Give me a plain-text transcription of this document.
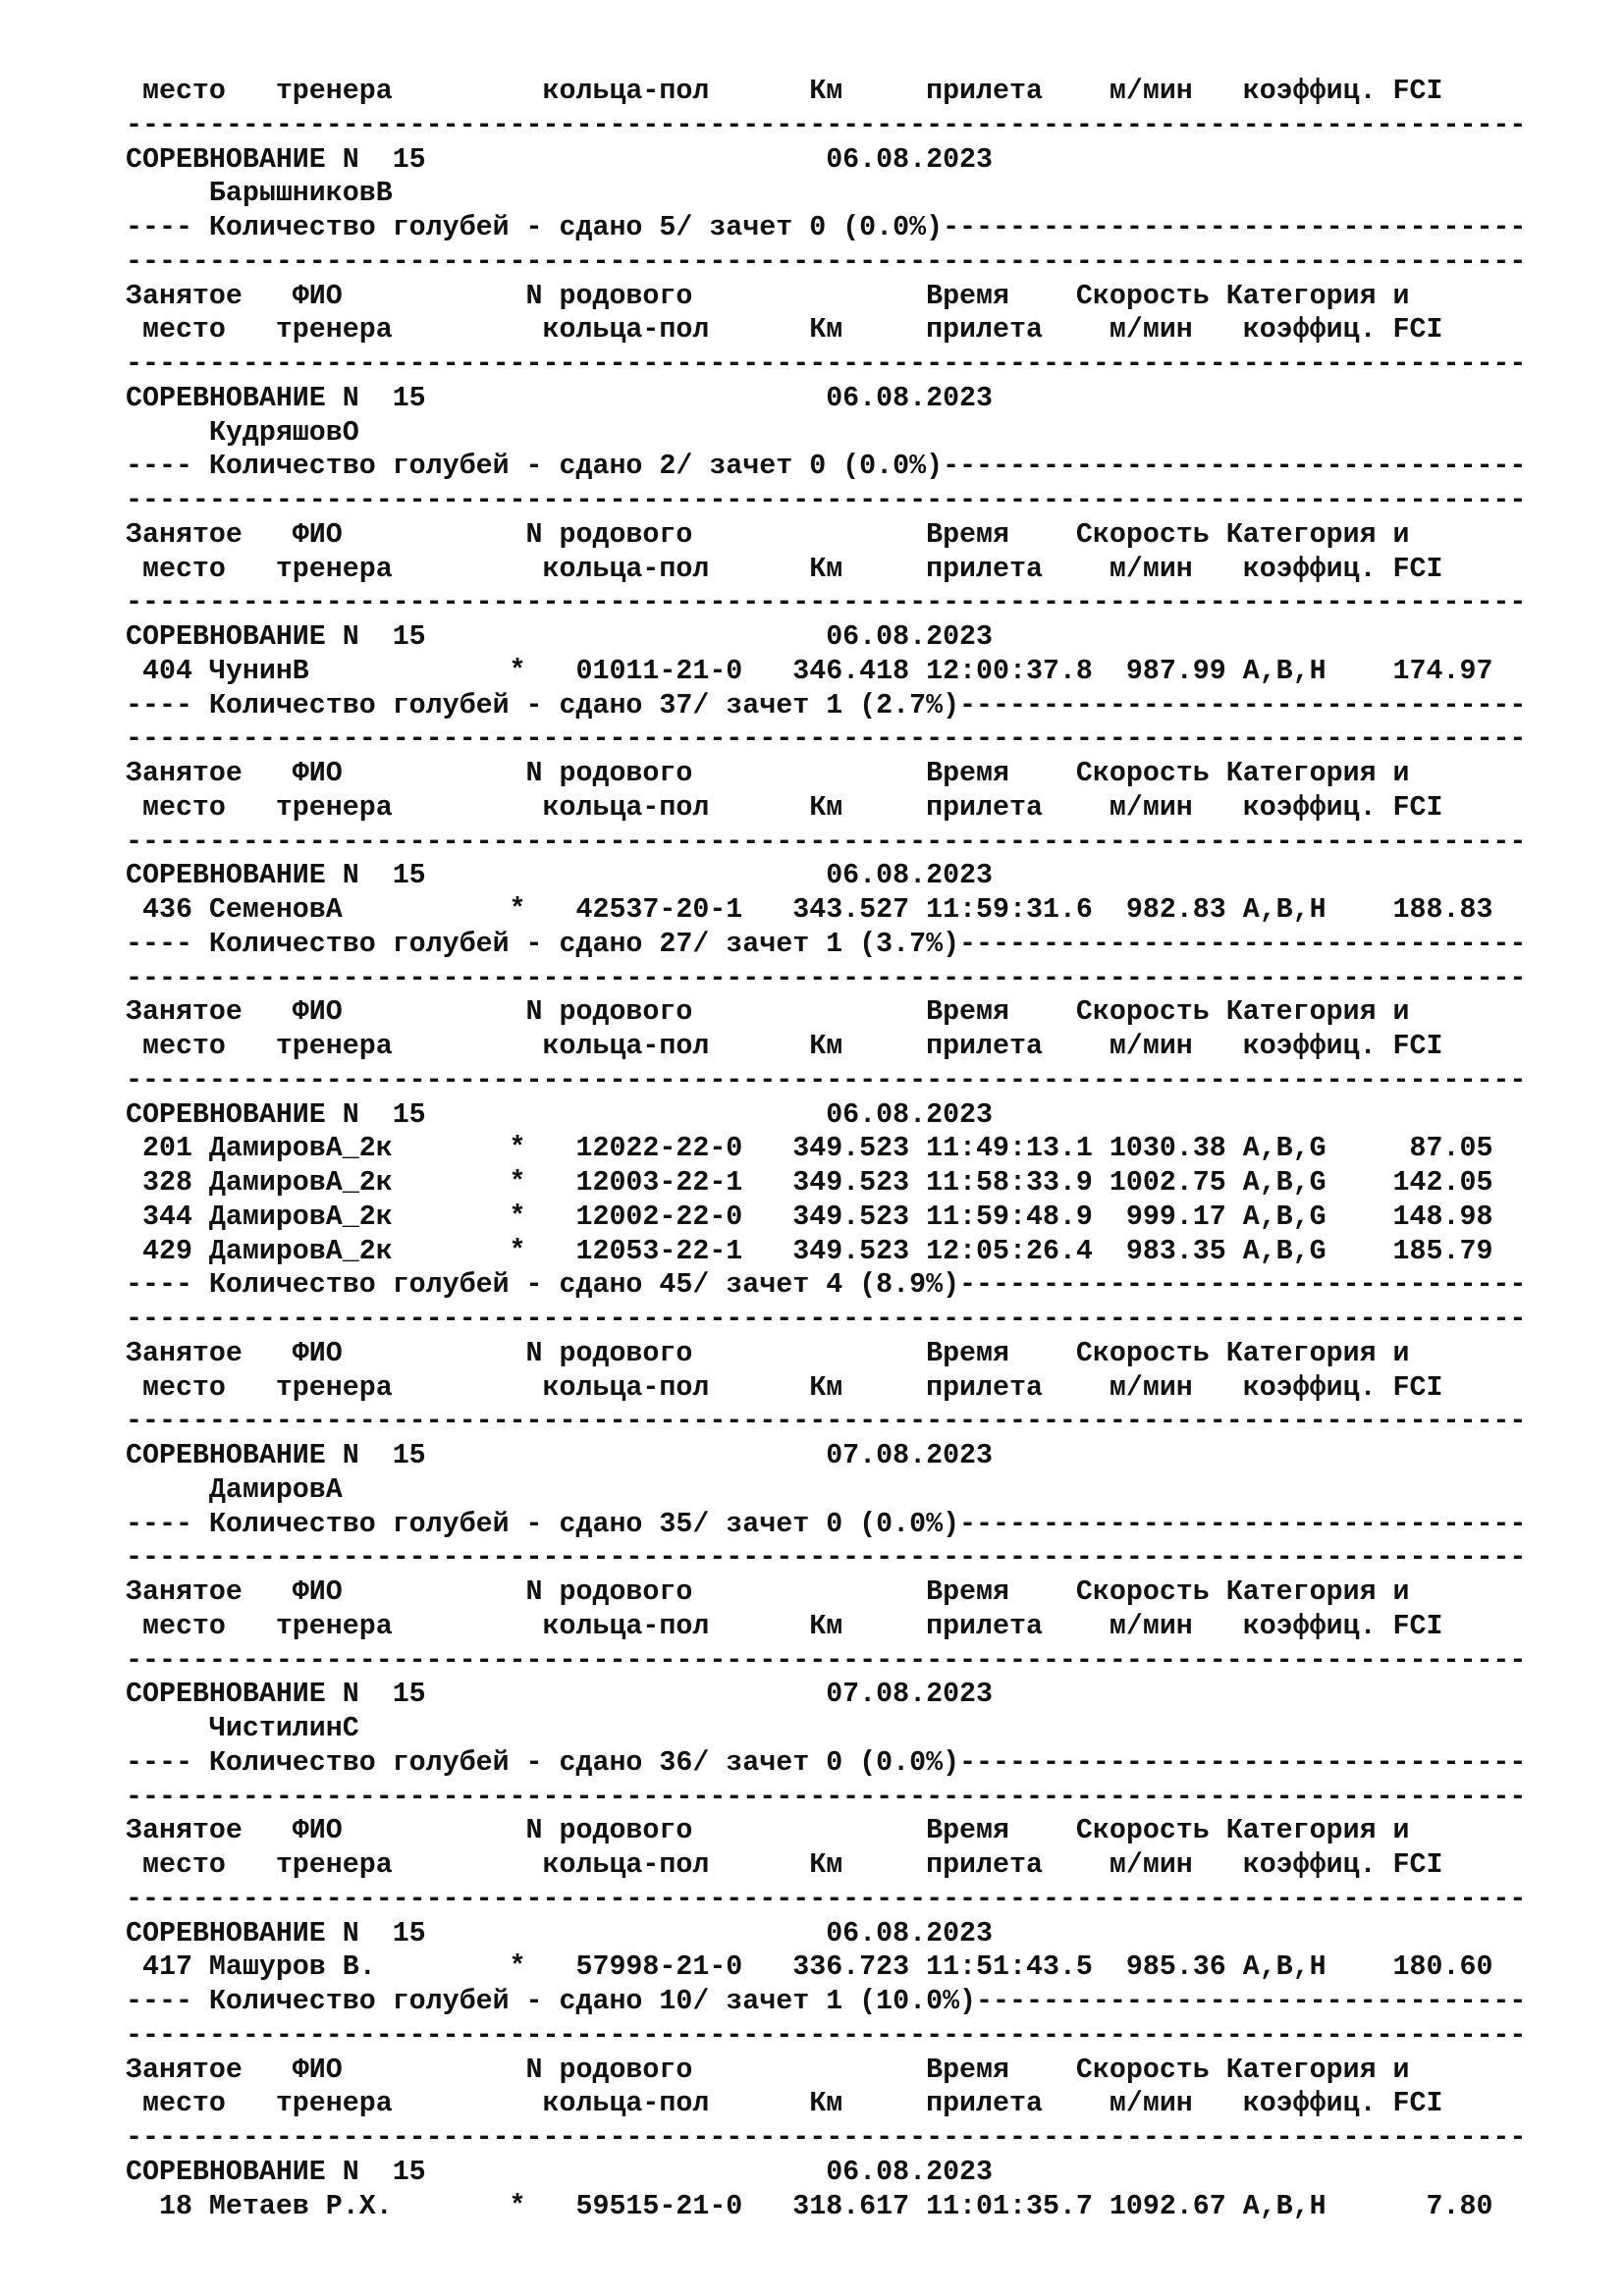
место   тренера         кольца-пол      Км     прилета    м/мин   коэффиц. FCI
------------------------------------------------------------------------------------
СОРЕВНОВАНИЕ N  15                        06.08.2023
БарышниковВ
---- Количество голубей - сдано 5/ зачет 0 (0.0%)-----------------------------------
------------------------------------------------------------------------------------
Занятое   ФИО           N родового              Время    Скорость Категория и
место   тренера         кольца-пол      Км     прилета    м/мин   коэффиц. FCI
------------------------------------------------------------------------------------
СОРЕВНОВАНИЕ N  15                        06.08.2023
КудряшовО
---- Количество голубей - сдано 2/ зачет 0 (0.0%)-----------------------------------
------------------------------------------------------------------------------------
Занятое   ФИО           N родового              Время    Скорость Категория и
место   тренера         кольца-пол      Км     прилета    м/мин   коэффиц. FCI
------------------------------------------------------------------------------------
СОРЕВНОВАНИЕ N  15                        06.08.2023
404 ЧунинВ            *   01011-21-0   346.418 12:00:37.8  987.99 A,B,H    174.97
---- Количество голубей - сдано 37/ зачет 1 (2.7%)----------------------------------
------------------------------------------------------------------------------------
Занятое   ФИО           N родового              Время    Скорость Категория и
место   тренера         кольца-пол      Км     прилета    м/мин   коэффиц. FCI
------------------------------------------------------------------------------------
СОРЕВНОВАНИЕ N  15                        06.08.2023
436 СеменовА          *   42537-20-1   343.527 11:59:31.6  982.83 A,B,H    188.83
---- Количество голубей - сдано 27/ зачет 1 (3.7%)----------------------------------
------------------------------------------------------------------------------------
Занятое   ФИО           N родового              Время    Скорость Категория и
место   тренера         кольца-пол      Км     прилета    м/мин   коэффиц. FCI
------------------------------------------------------------------------------------
СОРЕВНОВАНИЕ N  15                        06.08.2023
201 ДамировА_2к       *   12022-22-0   349.523 11:49:13.1 1030.38 A,B,G     87.05
328 ДамировА_2к       *   12003-22-1   349.523 11:58:33.9 1002.75 A,B,G    142.05
344 ДамировА_2к       *   12002-22-0   349.523 11:59:48.9  999.17 A,B,G    148.98
429 ДамировА_2к       *   12053-22-1   349.523 12:05:26.4  983.35 A,B,G    185.79
---- Количество голубей - сдано 45/ зачет 4 (8.9%)----------------------------------
------------------------------------------------------------------------------------
Занятое   ФИО           N родового              Время    Скорость Категория и
место   тренера         кольца-пол      Км     прилета    м/мин   коэффиц. FCI
------------------------------------------------------------------------------------
СОРЕВНОВАНИЕ N  15                        07.08.2023
ДамировА
---- Количество голубей - сдано 35/ зачет 0 (0.0%)----------------------------------
------------------------------------------------------------------------------------
Занятое   ФИО           N родового              Время    Скорость Категория и
место   тренера         кольца-пол      Км     прилета    м/мин   коэффиц. FCI
------------------------------------------------------------------------------------
СОРЕВНОВАНИЕ N  15                        07.08.2023
ЧистилинС
---- Количество голубей - сдано 36/ зачет 0 (0.0%)----------------------------------
------------------------------------------------------------------------------------
Занятое   ФИО           N родового              Время    Скорость Категория и
место   тренера         кольца-пол      Км     прилета    м/мин   коэффиц. FCI
------------------------------------------------------------------------------------
СОРЕВНОВАНИЕ N  15                        06.08.2023
417 Машуров В.        *   57998-21-0   336.723 11:51:43.5  985.36 A,B,H    180.60
---- Количество голубей - сдано 10/ зачет 1 (10.0%)---------------------------------
------------------------------------------------------------------------------------
Занятое   ФИО           N родового              Время    Скорость Категория и
место   тренера         кольца-пол      Км     прилета    м/мин   коэффиц. FCI
------------------------------------------------------------------------------------
СОРЕВНОВАНИЕ N  15                        06.08.2023
18 Метаев Р.Х.       *   59515-21-0   318.617 11:01:35.7 1092.67 A,B,H      7.80
